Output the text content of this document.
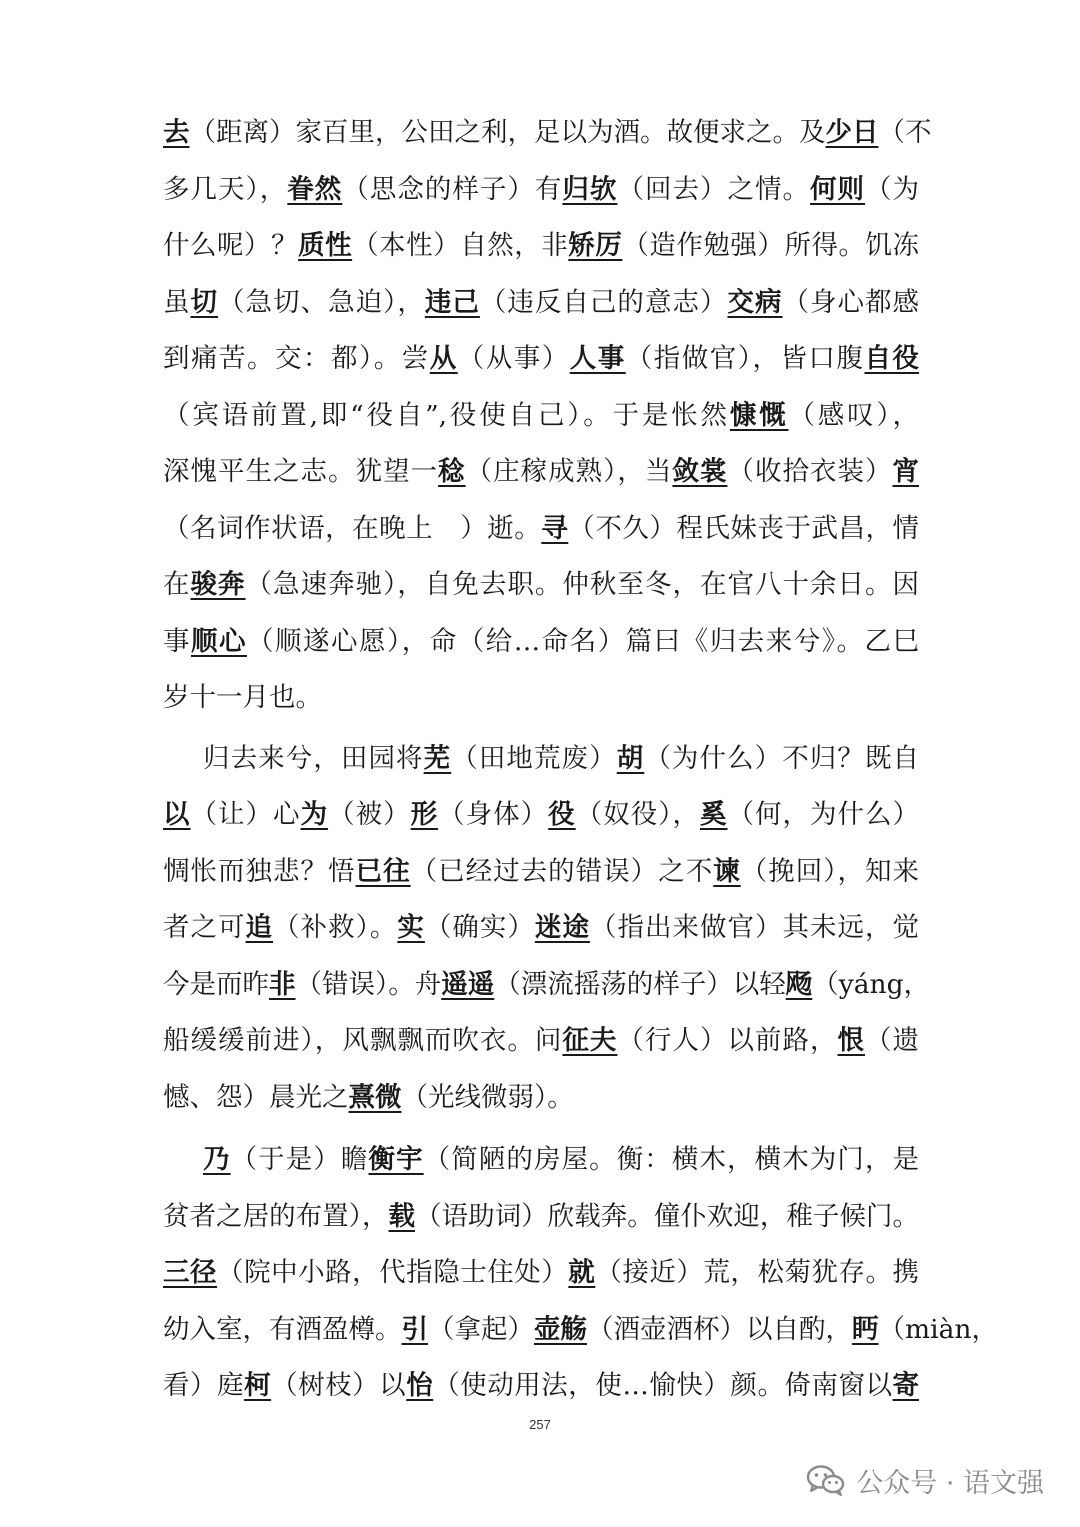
去（距离）家百里，公田之利，足以为酒。故便求之。及少日（不
多几天），眷然（思念的样子）有归欤（回去）之情。何则（为
什么呢）？质性（本性）自然，非矫厉（造作勉强）所得。饥冻
虽切（急切、急迫），违己（违反自己的意志）交病（身心都感
到痛苦。交：都）。尝从（从事）人事（指做官），皆口腹自役
（宾语前置,即“役自”,役使自己）。于是怅然慷慨（感叹），
深愧平生之志。犹望一稔（庄稼成熟），当敛裳（收拾衣装）宵
（名词作状语，在晚上　）逝。寻（不久）程氏妹丧于武昌，情
在骏奔（急速奔驰），自免去职。仲秋至冬，在官八十余日。因
事顺心（顺遂心愿），命（给…命名）篇曰《归去来兮》。乙巳
岁十一月也。
归去来兮，田园将芜（田地荒废）胡（为什么）不归？既自
以（让）心为（被）形（身体）役（奴役），奚（何，为什么）
惆怅而独悲？悟已往（已经过去的错误）之不谏（挽回），知来
者之可追（补救）。实（确实）迷途（指出来做官）其未远，觉
今是而昨非（错误）。舟遥遥（漂流摇荡的样子）以轻飏（yáng，
船缓缓前进），风飘飘而吹衣。问征夫（行人）以前路，恨（遗
憾、怨）晨光之熹微（光线微弱）。
乃（于是）瞻衡宇（简陋的房屋。衡：横木，横木为门，是
贫者之居的布置），载（语助词）欣载奔。僮仆欢迎，稚子候门。
三径（院中小路，代指隐士住处）就（接近）荒，松菊犹存。携
幼入室，有酒盈樽。引（拿起）壶觞（酒壶酒杯）以自酌，眄（miàn，
看）庭柯（树枝）以怡（使动用法，使…愉快）颜。倚南窗以寄
257
公众号 · 语文强
